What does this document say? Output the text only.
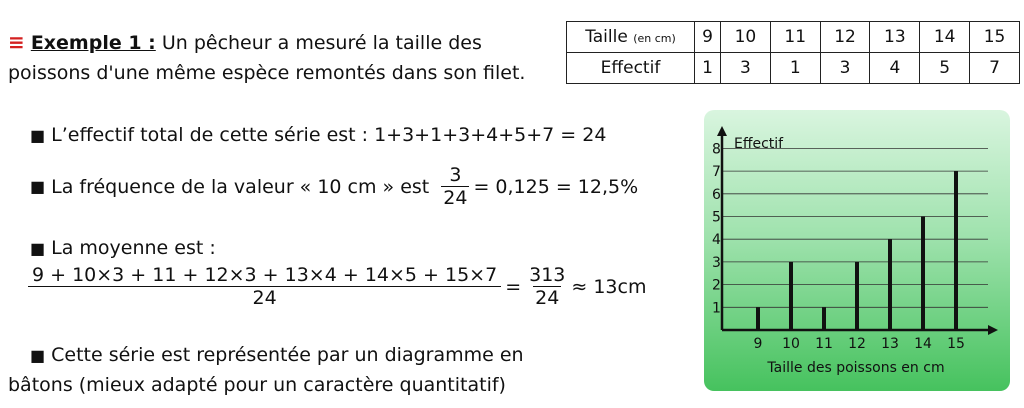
≡ Exemple 1 : Un pêcheur a mesuré la taille des
poissons d'une même espèce remontés dans son filet.
Taille (en cm)	9	10	11	12	13	14	15
Effectif	1	3	1	3	4	5	7
■ L’effectif total de cette série est : 1+3+1+3+4+5+7 = 24
■ La fréquence de la valeur « 10 cm » est $\frac{3}{24} = 0,125 = 12,5\%$
■ La moyenne est :
$\frac{9 + 10\times 3 + 11 + 12\times 3 + 13\times 4 + 14\times 5 + 15\times 7}{24} = \frac{313}{24} \approx 13cm$
■ Cette série est représentée par un diagramme en
bâtons (mieux adapté pour un caractère quantitatif)
1
2
3
4
5
6
7
8
9 10 11 12 13 14 15
Effectif
Taille des poissons en cm
